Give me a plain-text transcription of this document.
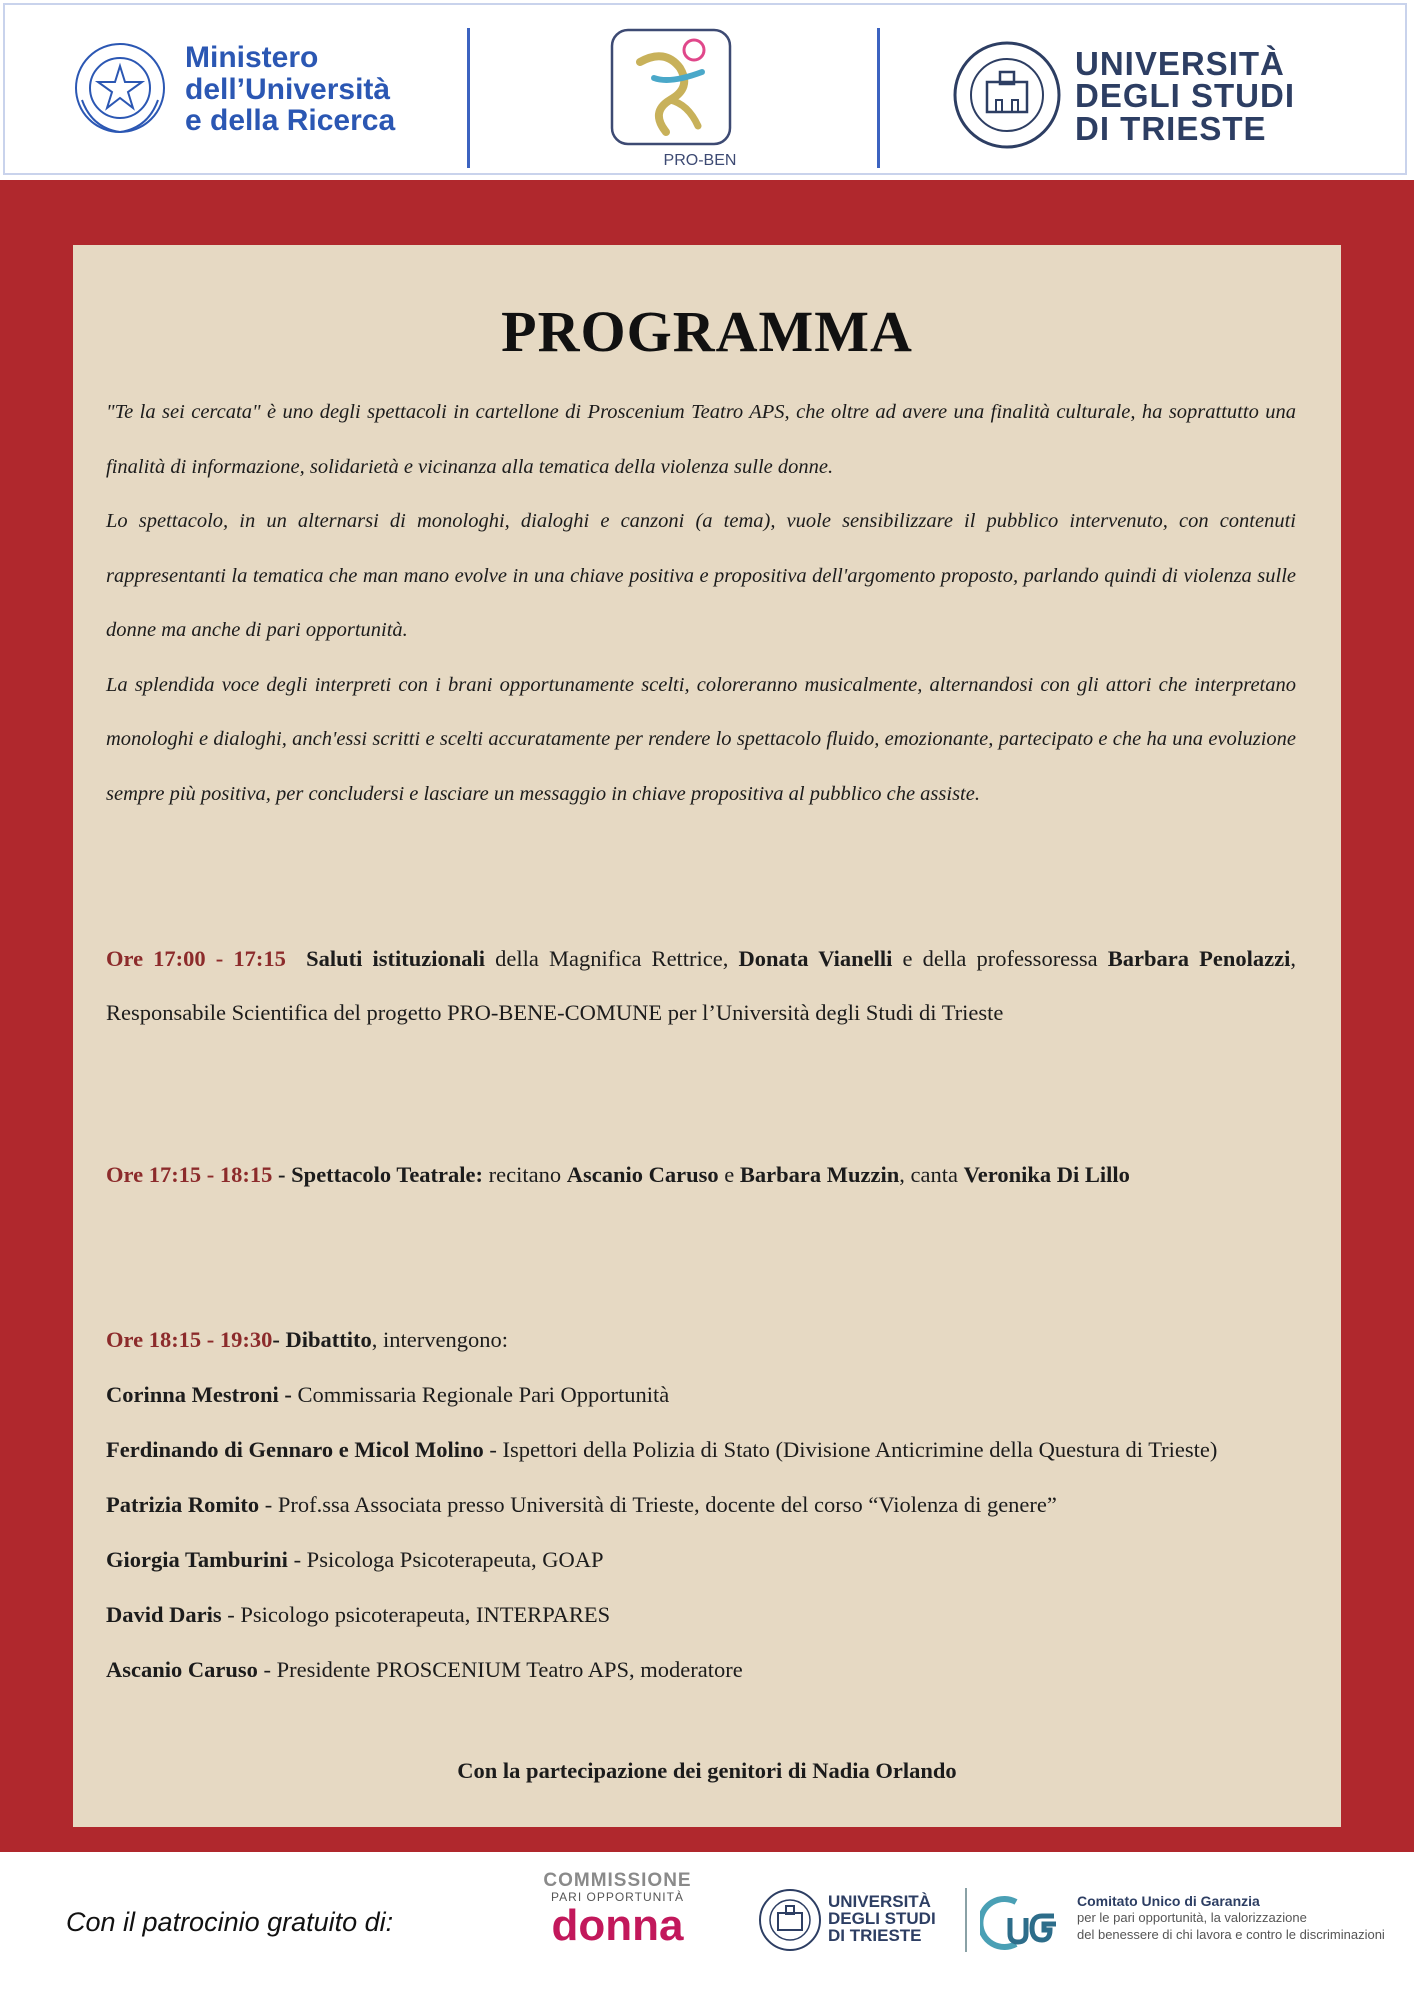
Ministero
dell’Università
e della Ricerca
PRO-BEN
UNIVERSITÀ
DEGLI STUDI
DI TRIESTE
PROGRAMMA

"Te la sei cercata" è uno degli spettacoli in cartellone di Proscenium Teatro APS, che oltre ad avere una finalità culturale, ha soprattutto una finalità di informazione, solidarietà e vicinanza alla tematica della violenza sulle donne.

Lo spettacolo, in un alternarsi di monologhi, dialoghi e canzoni (a tema), vuole sensibilizzare il pubblico intervenuto, con contenuti rappresentanti la tematica che man mano evolve in una chiave positiva e propositiva dell'argomento proposto, parlando quindi di violenza sulle donne ma anche di pari opportunità.

La splendida voce degli interpreti con i brani opportunamente scelti, coloreranno musicalmente, alternandosi con gli attori che interpretano monologhi e dialoghi, anch'essi scritti e scelti accuratamente per rendere lo spettacolo fluido, emozionante, partecipato e che ha una evoluzione sempre più positiva, per concludersi e lasciare un messaggio in chiave propositiva al pubblico che assiste.

Ore 17:00 - 17:15 Saluti istituzionali della Magnifica Rettrice, Donata Vianelli e della professoressa Barbara Penolazzi, Responsabile Scientifica del progetto PRO-BENE-COMUNE per l’Università degli Studi di Trieste

Ore 17:15 - 18:15 - Spettacolo Teatrale: recitano Ascanio Caruso e Barbara Muzzin, canta Veronika Di Lillo

Ore 18:15 - 19:30- Dibattito, intervengono:

Corinna Mestroni - Commissaria Regionale Pari Opportunità

Ferdinando di Gennaro e Micol Molino - Ispettori della Polizia di Stato (Divisione Anticrimine della Questura di Trieste)

Patrizia Romito - Prof.ssa Associata presso Università di Trieste, docente del corso “Violenza di genere”

Giorgia Tamburini - Psicologa Psicoterapeuta, GOAP

David Daris - Psicologo psicoterapeuta, INTERPARES

Ascanio Caruso - Presidente PROSCENIUM Teatro APS, moderatore

Con la partecipazione dei genitori di Nadia Orlando
Con il patrocinio gratuito di:
COMMISSIONE
PARI OPPORTUNITÀ
donna	UNIVERSITÀ
DEGLI STUDI
DI TRIESTE
Comitato Unico di Garanzia
per le pari opportunità, la valorizzazione
del benessere di chi lavora e contro le discriminazioni
